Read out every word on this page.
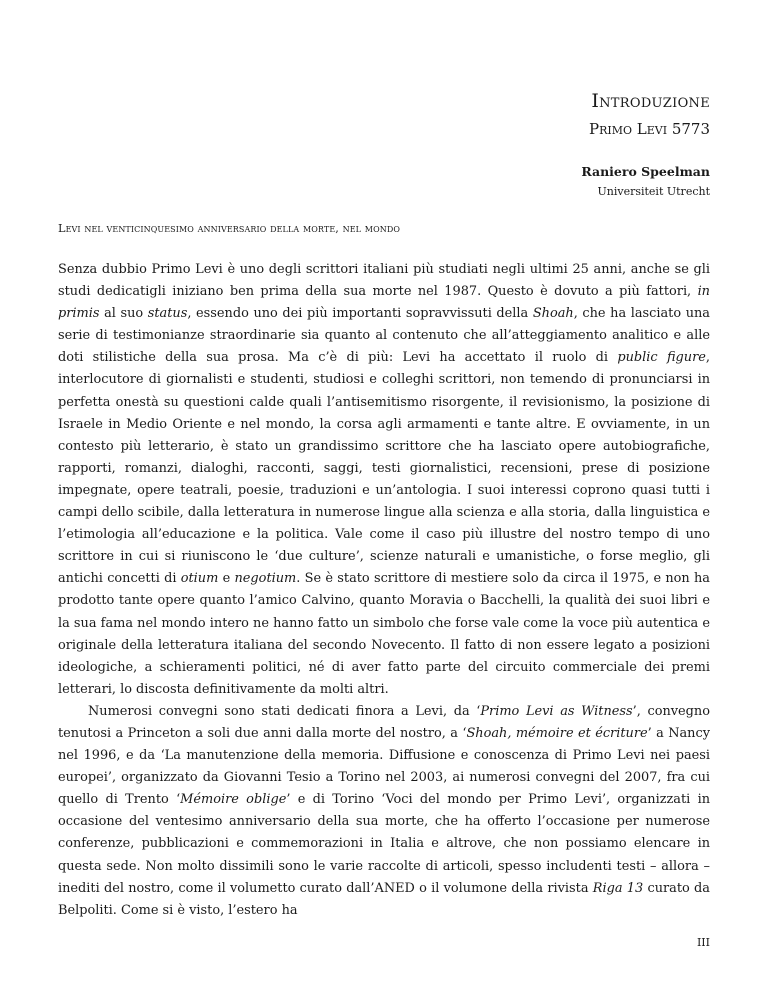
Introduzione
Primo Levi 5773
Raniero Speelman
Universiteit Utrecht
Levi nel venticinquesimo anniversario della morte, nel mondo

Senza dubbio Primo Levi è uno degli scrittori italiani più studiati negli ultimi 25 anni, anche se gli studi dedicatigli iniziano ben prima della sua morte nel 1987. Questo è dovuto a più fattori, in primis al suo status, essendo uno dei più importanti sopravvissuti della Shoah, che ha lasciato una serie di testimonianze straordinarie sia quanto al contenuto che all’atteggiamento analitico e alle doti stilistiche della sua prosa. Ma c’è di più: Levi ha accettato il ruolo di public figure, interlocutore di giornalisti e studenti, studiosi e colleghi scrittori, non temendo di pronunciarsi in perfetta onestà su questioni calde quali l’antisemitismo risorgente, il revisionismo, la posizione di Israele in Medio Oriente e nel mondo, la corsa agli armamenti e tante altre. E ovviamente, in un contesto più letterario, è stato un grandissimo scrittore che ha lasciato opere autobiografiche, rapporti, romanzi, dialoghi, racconti, saggi, testi giornalistici, recensioni, prese di posizione impegnate, opere teatrali, poesie, traduzioni e un’antologia. I suoi interessi coprono quasi tutti i campi dello scibile, dalla letteratura in numerose lingue alla scienza e alla storia, dalla linguistica e l’etimologia all’educazione e la politica. Vale come il caso più illustre del nostro tempo di uno scrittore in cui si riuniscono le ‘due culture’, scienze naturali e umanistiche, o forse meglio, gli antichi concetti di otium e negotium. Se è stato scrittore di mestiere solo da circa il 1975, e non ha prodotto tante opere quanto l’amico Calvino, quanto Moravia o Bacchelli, la qualità dei suoi libri e la sua fama nel mondo intero ne hanno fatto un simbolo che forse vale come la voce più autentica e originale della letteratura italiana del secondo Novecento. Il fatto di non essere legato a posizioni ideologiche, a schieramenti politici, né di aver fatto parte del circuito commerciale dei premi letterari, lo discosta definitivamente da molti altri.

Numerosi convegni sono stati dedicati finora a Levi, da ‘Primo Levi as Witness’, convegno tenutosi a Princeton a soli due anni dalla morte del nostro, a ‘Shoah, mémoire et écriture’ a Nancy nel 1996, e da ‘La manutenzione della memoria. Diffusione e conoscenza di Primo Levi nei paesi europei’, organizzato da Giovanni Tesio a Torino nel 2003, ai numerosi convegni del 2007, fra cui quello di Trento ‘Mémoire oblige’ e di Torino ‘Voci del mondo per Primo Levi’, organizzati in occasione del ventesimo anniversario della sua morte, che ha offerto l’occasione per numerose conferenze, pubblicazioni e commemorazioni in Italia e altrove, che non possiamo elencare in questa sede. Non molto dissimili sono le varie raccolte di articoli, spesso includenti testi – allora – inediti del nostro, come il volumetto curato dall’ANED o il volumone della rivista Riga 13 curato da Belpoliti. Come si è visto, l’estero ha

III
